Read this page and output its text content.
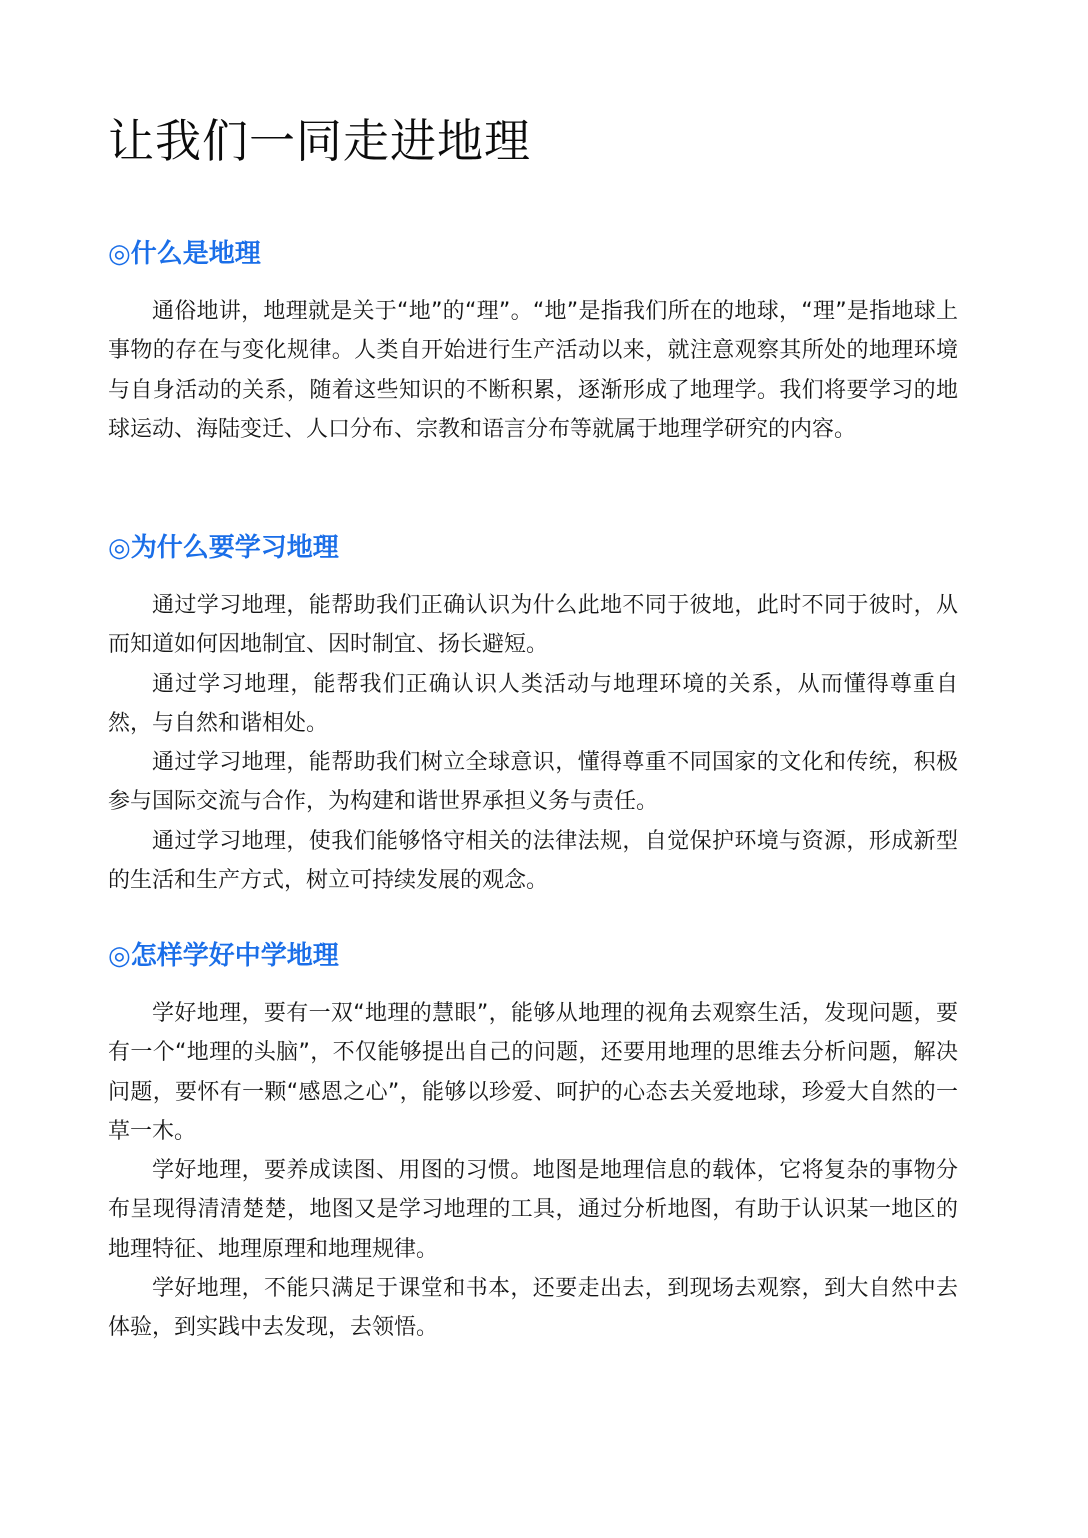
让我们一同走进地理
◎什么是地理

通俗地讲，地理就是关于“地”的“理”。“地”是指我们所在的地球，“理”是指地球上事物的存在与变化规律。人类自开始进行生产活动以来，就注意观察其所处的地理环境与自身活动的关系，随着这些知识的不断积累，逐渐形成了地理学。我们将要学习的地球运动、海陆变迁、人口分布、宗教和语言分布等就属于地理学研究的内容。

◎为什么要学习地理

通过学习地理，能帮助我们正确认识为什么此地不同于彼地，此时不同于彼时，从而知道如何因地制宜、因时制宜、扬长避短。

通过学习地理，能帮我们正确认识人类活动与地理环境的关系，从而懂得尊重自然，与自然和谐相处。

通过学习地理，能帮助我们树立全球意识，懂得尊重不同国家的文化和传统，积极参与国际交流与合作，为构建和谐世界承担义务与责任。

通过学习地理，使我们能够恪守相关的法律法规，自觉保护环境与资源，形成新型的生活和生产方式，树立可持续发展的观念。

◎怎样学好中学地理

学好地理，要有一双“地理的慧眼”，能够从地理的视角去观察生活，发现问题，要有一个“地理的头脑”，不仅能够提出自己的问题，还要用地理的思维去分析问题，解决问题，要怀有一颗“感恩之心”，能够以珍爱、呵护的心态去关爱地球，珍爱大自然的一草一木。

学好地理，要养成读图、用图的习惯。地图是地理信息的载体，它将复杂的事物分布呈现得清清楚楚，地图又是学习地理的工具，通过分析地图，有助于认识某一地区的地理特征、地理原理和地理规律。

学好地理，不能只满足于课堂和书本，还要走出去，到现场去观察，到大自然中去体验，到实践中去发现，去领悟。
